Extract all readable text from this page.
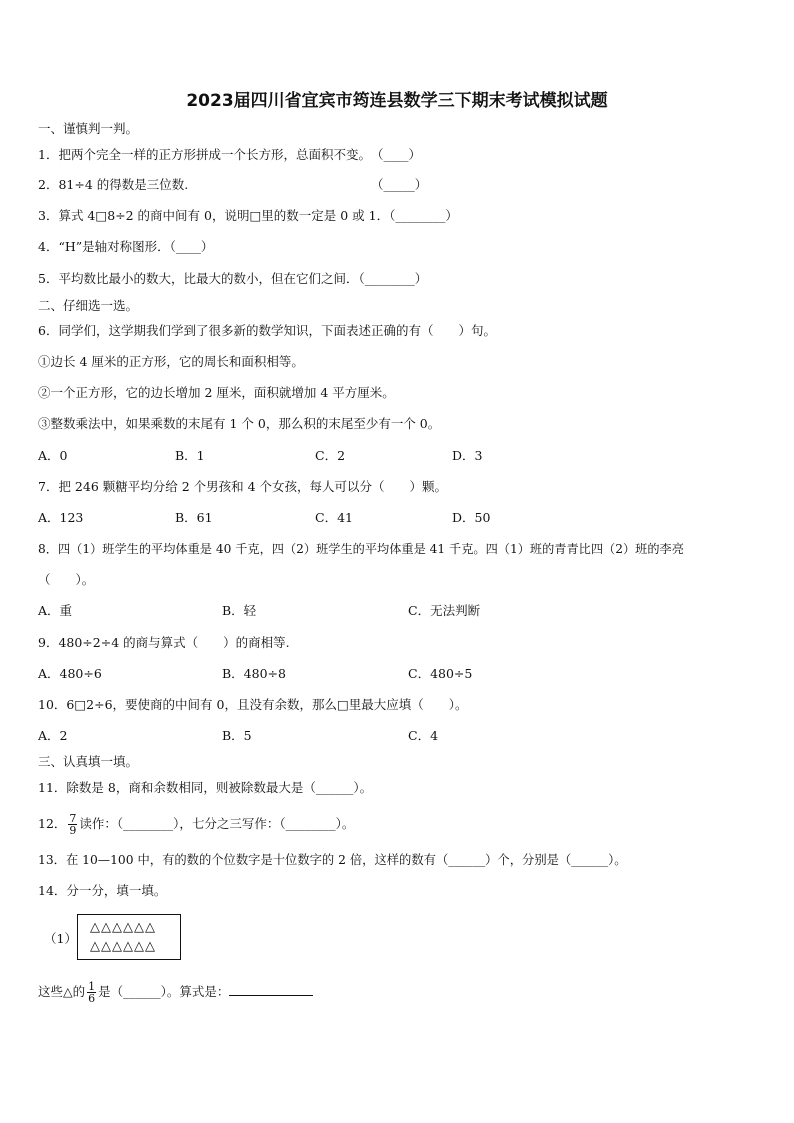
2023届四川省宜宾市筠连县数学三下期末考试模拟试题
一、谨慎判一判。
1．把两个完全一样的正方形拼成一个长方形，总面积不变。　（____）
2．81÷4 的得数是三位数.	（_____）
3．算式 4□8÷2 的商中间有 0，说明□里的数一定是 0 或 1．（________）
4．“H”是轴对称图形．（____）
5．平均数比最小的数大，比最大的数小，但在它们之间．（________）
二、仔细选一选。
6．同学们，这学期我们学到了很多新的数学知识，下面表述正确的有（　　）句。
①边长 4 厘米的正方形，它的周长和面积相等。
②一个正方形，它的边长增加 2 厘米，面积就增加 4 平方厘米。
③整数乘法中，如果乘数的末尾有 1 个 0，那么积的末尾至少有一个 0。
A．0	B．1	C．2	D．3
7．把 246 颗糖平均分给 2 个男孩和 4 个女孩，每人可以分（　　）颗。
A．123	B．61	C．41	D．50
8．四（1）班学生的平均体重是 40 千克，四（2）班学生的平均体重是 41 千克。四（1）班的青青比四（2）班的李亮
（　　）。
A．重	B．轻	C．无法判断
9．480÷2÷4 的商与算式（　　）的商相等.
A．480÷6	B．480÷8	C．480÷5
10．6□2÷6，要使商的中间有 0，且没有余数，那么□里最大应填（　　）。
A．2	B．5	C．4
三、认真填一填。
11．除数是 8，商和余数相同，则被除数最大是（______）。
12． $\frac{7}{9}$ 读作：（________），七分之三写作：（________）。
13．在 10—100 中，有的数的个位数字是十位数字的 2 倍，这样的数有（______）个，分别是（______）。
14．分一分，填一填。
（1）
△△△△△△
△△△△△△
这些△的 $\frac{1}{6}$ 是（______）。算式是：
